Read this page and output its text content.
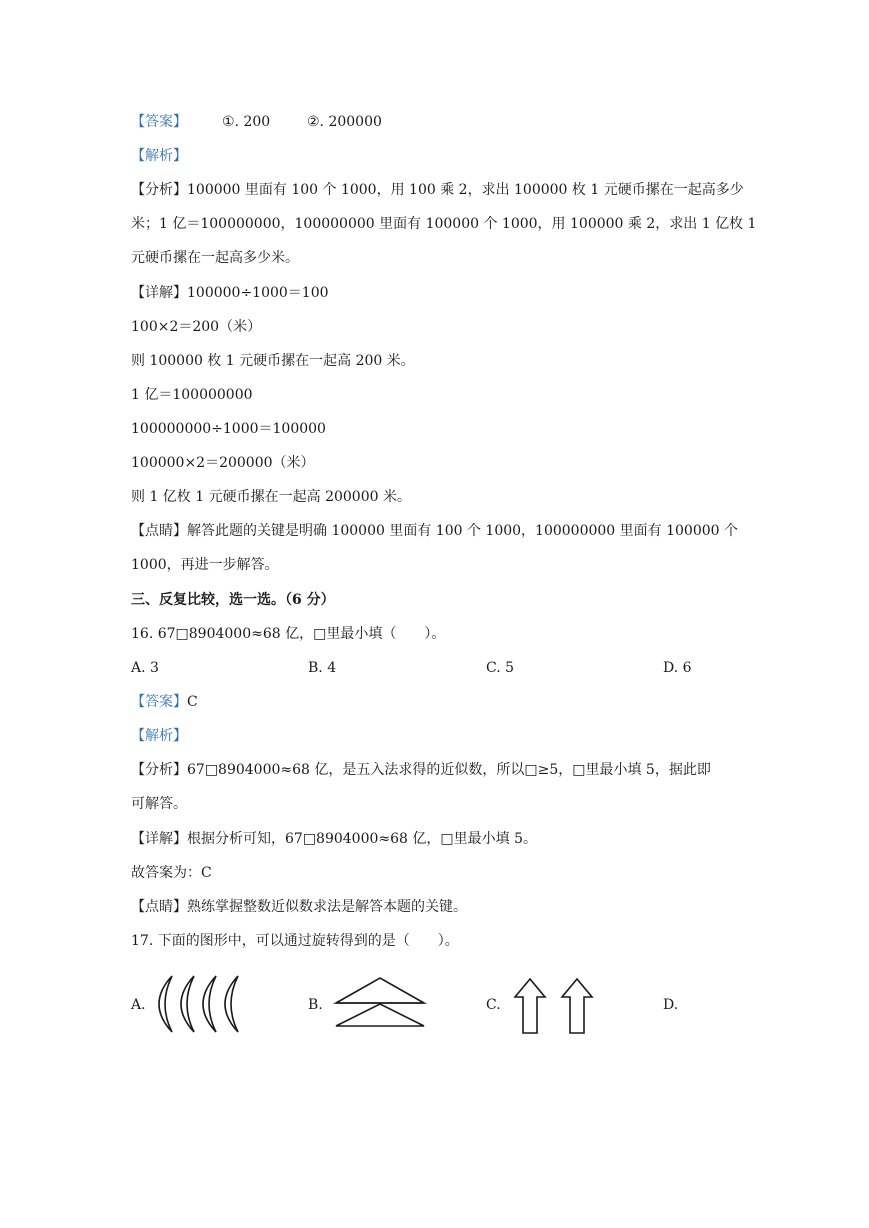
【答案】	①. 200	②. 200000
【解析】
【分析】100000 里面有 100 个 1000，用 100 乘 2，求出 100000 枚 1 元硬币摞在一起高多少
米；1 亿＝100000000，100000000 里面有 100000 个 1000，用 100000 乘 2，求出 1 亿枚 1
元硬币摞在一起高多少米。
【详解】100000÷1000＝100
100×2＝200（米）
则 100000 枚 1 元硬币摞在一起高 200 米。
1 亿＝100000000
100000000÷1000＝100000
100000×2＝200000（米）
则 1 亿枚 1 元硬币摞在一起高 200000 米。
【点睛】解答此题的关键是明确 100000 里面有 100 个 1000，100000000 里面有 100000 个
1000，再进一步解答。
三、反复比较，选一选。（6 分）
16. 67□8904000≈68 亿，□里最小填（　　）。
A. 3	B. 4	C. 5	D. 6
【答案】C
【解析】
【分析】67□8904000≈68 亿，是五入法求得的近似数，所以□≥5，□里最小填 5，据此即
可解答。
【详解】根据分析可知，67□8904000≈68 亿，□里最小填 5。
故答案为：C
【点睛】熟练掌握整数近似数求法是解答本题的关键。
17. 下面的图形中，可以通过旋转得到的是（　　）。
A.	B.	C.	D.
